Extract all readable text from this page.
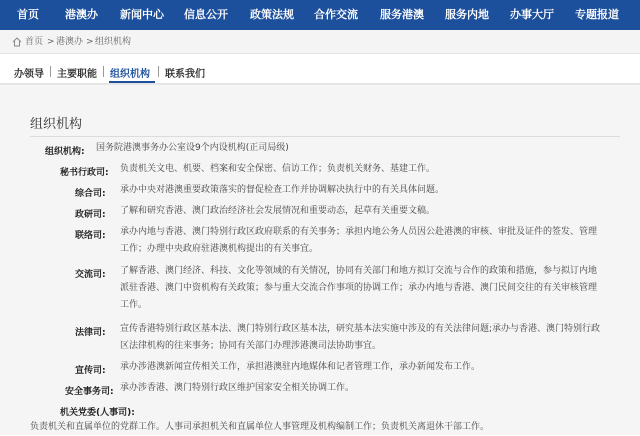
首页 港澳办 新闻中心 信息公开 政策法规 合作交流 服务港澳 服务内地 办事大厅 专题报道
首页 > 港澳办 > 组织机构
办领导 主要职能 组织机构 联系我们
组织机构
组织机构: 国务院港澳事务办公室设9个内设机构(正司局级)
秘书行政司: 负责机关文电、机要、档案和安全保密、信访工作；负责机关财务、基建工作。
综合司: 承办中央对港澳重要政策落实的督促检查工作并协调解决执行中的有关具体问题。
政研司: 了解和研究香港、澳门政治经济社会发展情况和重要动态，起草有关重要文稿。
联络司: 承办内地与香港、澳门特别行政区政府联系的有关事务；承担内地公务人员因公赴港澳的审核、审批及证件的签发、管理
工作；办理中央政府驻港澳机构提出的有关事宜。
交流司: 了解香港、澳门经济、科技、文化等领域的有关情况，协同有关部门和地方拟订交流与合作的政策和措施，参与拟订内地
派驻香港、澳门中资机构有关政策；参与重大交流合作事项的协调工作；承办内地与香港、澳门民间交往的有关审核管理
工作。
法律司: 宣传香港特别行政区基本法、澳门特别行政区基本法，研究基本法实施中涉及的有关法律问题;承办与香港、澳门特别行政
区法律机构的往来事务；协同有关部门办理涉港澳司法协助事宜。
宣传司: 承办涉港澳新闻宣传相关工作，承担港澳驻内地媒体和记者管理工作，承办新闻发布工作。
安全事务司: 承办涉香港、澳门特别行政区维护国家安全相关协调工作。
机关党委(人事司):
负责机关和直属单位的党群工作。人事司承担机关和直属单位人事管理及机构编制工作；负责机关离退休干部工作。
